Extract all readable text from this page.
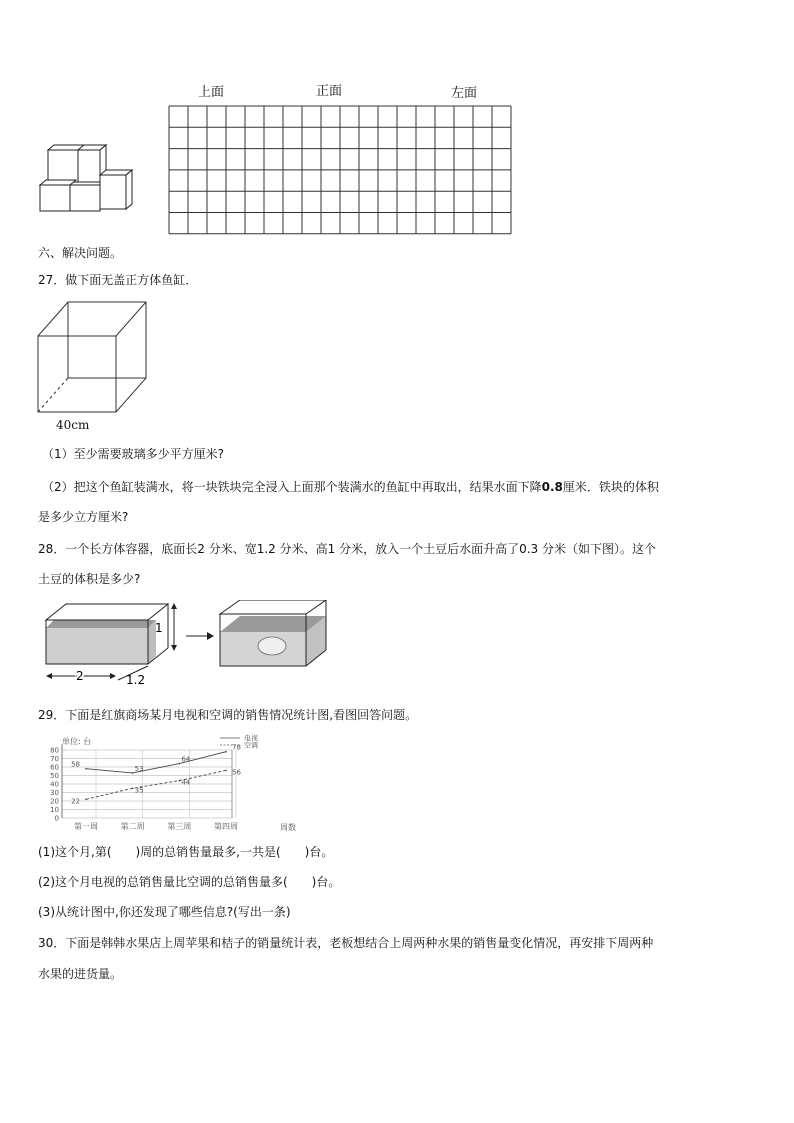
上面	正面	左面
六、解决问题。
27．做下面无盖正方体鱼缸．
40cm
（1）至少需要玻璃多少平方厘米?
（2）把这个鱼缸装满水，将一块铁块完全浸入上面那个装满水的鱼缸中再取出，结果水面下降0.8厘米．铁块的体积
是多少立方厘米?
28．一个长方体容器，底面长2 分米、宽1.2 分米、高1 分米，放入一个土豆后水面升高了0.3 分米（如下图）。这个
土豆的体积是多少?
1
2	1.2
29．下面是红旗商场某月电视和空调的销售情况统计图,看图回答问题。
单位: 台	电视
空调
0
10
20
30
40
50
60
70
80
第一周	第二周	第三周	第四周	周数
58
53
64
78
22
35
44
56
(1)这个月,第(　　)周的总销售量最多,一共是(　　)台。
(2)这个月电视的总销售量比空调的总销售量多(　　)台。
(3)从统计图中,你还发现了哪些信息?(写出一条)
30．下面是韩韩水果店上周苹果和桔子的销量统计表，老板想结合上周两种水果的销售量变化情况，再安排下周两种
水果的进货量。
